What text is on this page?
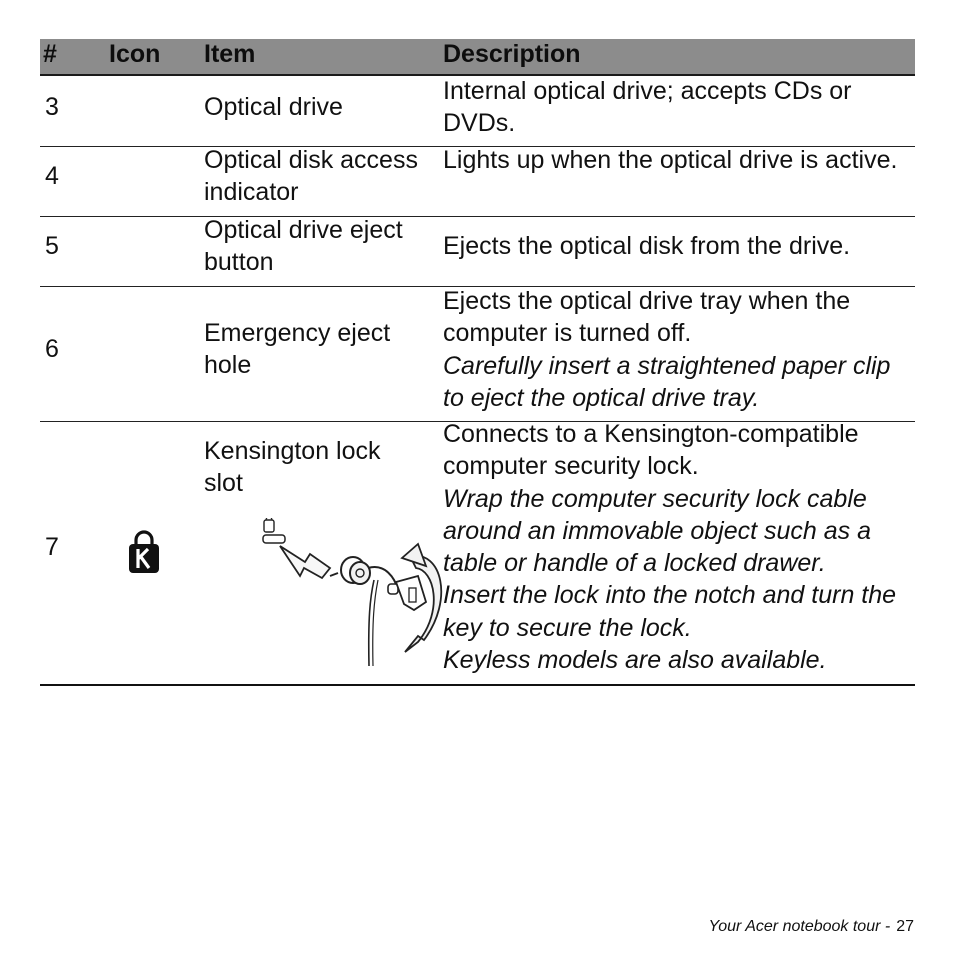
# Icon Item	Description
3	Optical drive

Internal optical drive; accepts CDs or DVDs.

4
Optical disk access indicator

Lights up when the optical drive is active.

5
Optical drive eject button

Ejects the optical disk from the drive.

6
Emergency eject hole

Ejects the optical drive tray when the computer is turned off.

Carefully insert a straightened paper clip to eject the optical drive tray.

7
Kensington lock slot

Connects to a Kensington-compatible computer security lock.

Wrap the computer security lock cable around an immovable object such as a table or handle of a locked drawer.

Insert the lock into the notch and turn the key to secure the lock.

Keyless models are also available.

Your Acer notebook tour - 27
